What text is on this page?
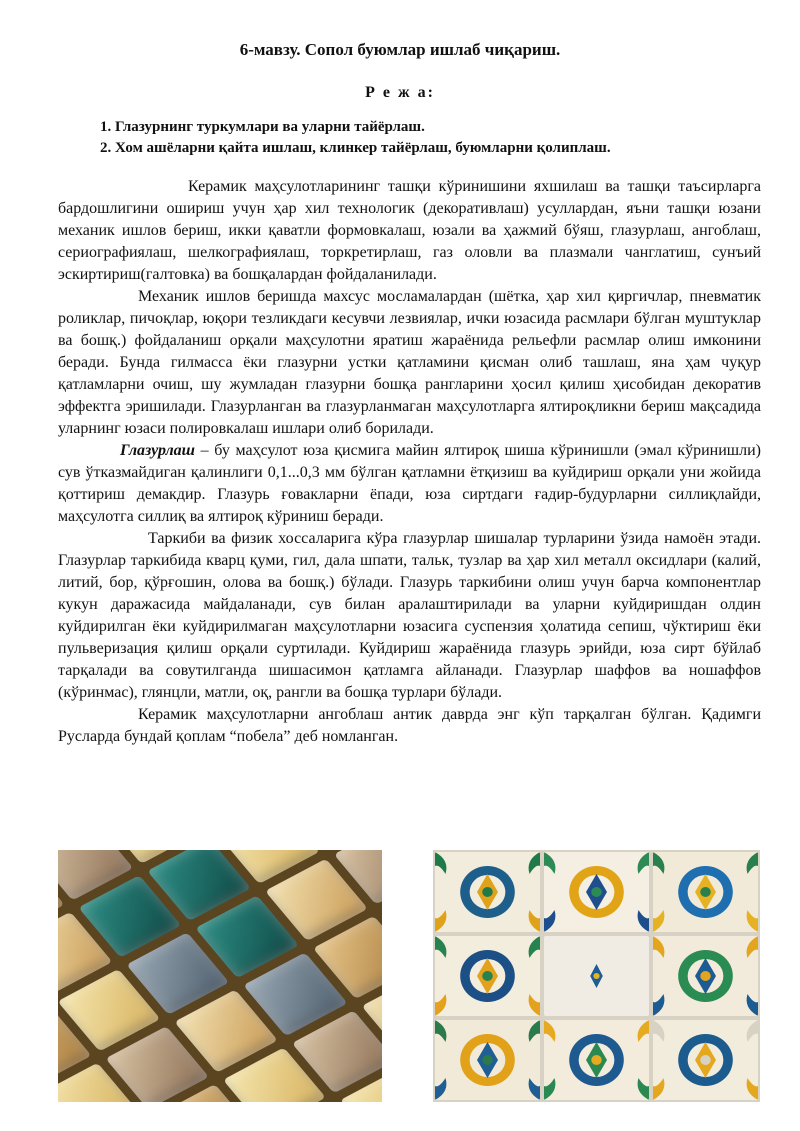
6-мавзу. Сопол буюмлар ишлаб чиқариш.
Р е ж а:
1. Глазурнинг туркумлари ва уларни тайёрлаш.
2. Хом ашёларни қайта ишлаш, клинкер тайёрлаш, буюмларни қолиплаш.

Керамик маҳсулотларининг ташқи кўринишини яхшилаш ва ташқи таъсирларга бардошлигини ошириш учун ҳар хил технологик (декоративлаш) усуллардан, яъни ташқи юзани механик ишлов бериш, икки қаватли формовкалаш, юзали ва ҳажмий бўяш, глазурлаш, ангоблаш, сериографиялаш, шелкографиялаш, торкретирлаш, газ оловли ва плазмали чанглатиш, сунъий эскиртириш(галтовка) ва бошқалардан фойдаланилади.

Механик ишлов беришда махсус мосламалардан (шётка, ҳар хил қиргичлар, пневматик роликлар, пичоқлар, юқори тезликдаги кесувчи лезвиялар, ички юзасида расмлари бўлган муштуклар ва бошқ.) фойдаланиш орқали маҳсулотни яратиш жараёнида рельефли расмлар олиш имконини беради. Бунда гилмасса ёки глазурни устки қатламини қисман олиб ташлаш, яна ҳам чуқур қатламларни очиш, шу жумладан глазурни бошқа рангларини ҳосил қилиш ҳисобидан декоратив эффектга эришилади. Глазурланган ва глазурланмаган маҳсулотларга ялтироқликни бериш мақсадида уларнинг юзаси полировкалаш ишлари олиб борилади.

Глазурлаш – бу маҳсулот юза қисмига майин ялтироқ шиша кўринишли (эмал кўринишли) сув ўтказмайдиган қалинлиги 0,1...0,3 мм бўлган қатламни ётқизиш ва куйдириш орқали уни жойида қоттириш демакдир. Глазурь ғовакларни ёпади, юза сиртдаги ғадир-будурларни силлиқлайди, маҳсулотга силлиқ ва ялтироқ кўриниш беради.

Таркиби ва физик хоссаларига кўра глазурлар шишалар турларини ўзида намоён этади. Глазурлар таркибида кварц қуми, гил, дала шпати, тальк, тузлар ва ҳар хил металл оксидлари (калий, литий, бор, қўрғошин, олова ва бошқ.) бўлади. Глазурь таркибини олиш учун барча компонентлар кукун даражасида майдаланади, сув билан аралаштирилади ва уларни куйдиришдан олдин куйдирилган ёки куйдирилмаган маҳсулотларни юзасига суспензия ҳолатида сепиш, чўктириш ёки пульверизация қилиш орқали суртилади. Куйдириш жараёнида глазурь эрийди, юза сирт бўйлаб тарқалади ва совутилганда шишасимон қатламга айланади. Глазурлар шаффов ва ношаффов (кўринмас), глянцли, матли, оқ, рангли ва бошқа турлари бўлади.

Керамик маҳсулотларни ангоблаш антик даврда энг кўп тарқалган бўлган. Қадимги Русларда бундай қоплам “побела” деб номланган.
